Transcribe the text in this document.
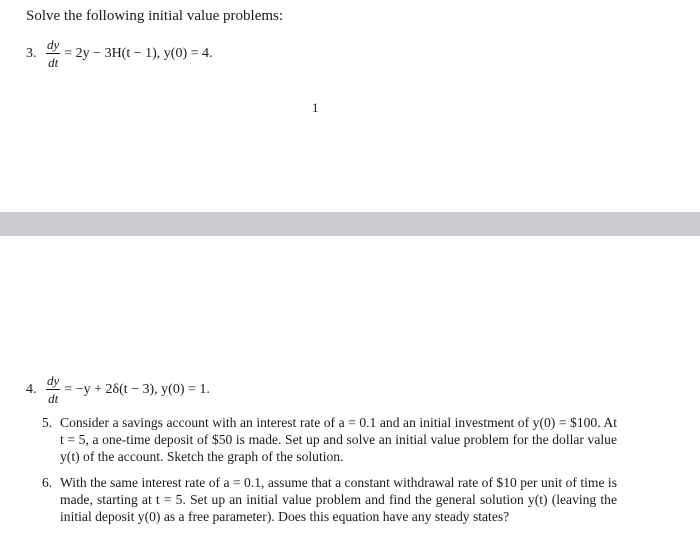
Solve the following initial value problems:
3. $\frac{dy}{dt} = 2y - 3H(t - 1)$, y(0) = 4.
1
4. $\frac{dy}{dt} = -y + 2\delta(t - 3)$, y(0) = 1.
5. Consider a savings account with an interest rate of a = 0.1 and an initial investment of y(0) = $100. At t = 5, a one-time deposit of $50 is made. Set up and solve an initial value problem for the dollar value y(t) of the account. Sketch the graph of the solution.
6. With the same interest rate of a = 0.1, assume that a constant withdrawal rate of $10 per unit of time is made, starting at t = 5. Set up an initial value problem and find the general solution y(t) (leaving the initial deposit y(0) as a free parameter). Does this equation have any steady states?
